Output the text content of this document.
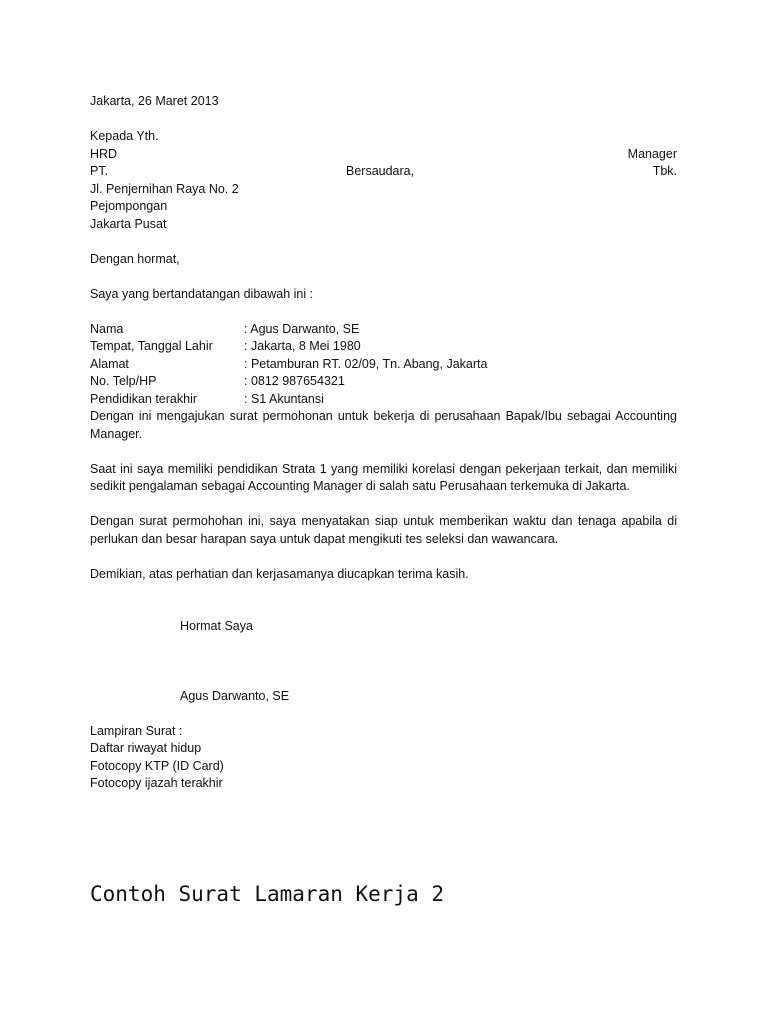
Jakarta, 26 Maret 2013
Kepada Yth.
HRD	Manager
PT.	Bersaudara,	Tbk.
Jl. Penjernihan Raya No. 2
Pejompongan
Jakarta Pusat
Dengan hormat,
Saya yang bertandatangan dibawah ini :
Nama	: Agus Darwanto, SE
Tempat, Tanggal Lahir	: Jakarta, 8 Mei 1980
Alamat	: Petamburan RT. 02/09, Tn. Abang, Jakarta
No. Telp/HP	: 0812 987654321
Pendidikan terakhir	: S1 Akuntansi
Dengan ini mengajukan surat permohonan untuk bekerja di perusahaan Bapak/Ibu sebagai Accounting Manager.
Saat ini saya memiliki pendidikan Strata 1 yang memiliki korelasi dengan pekerjaan terkait, dan memiliki sedikit pengalaman sebagai Accounting Manager di salah satu Perusahaan terkemuka di Jakarta.
Dengan surat permohohan ini, saya menyatakan siap untuk memberikan waktu dan tenaga apabila di perlukan dan besar harapan saya untuk dapat mengikuti tes seleksi dan wawancara.
Demikian, atas perhatian dan kerjasamanya diucapkan terima kasih.
Hormat Saya
Agus Darwanto, SE
Lampiran Surat :
Daftar riwayat hidup
Fotocopy KTP (ID Card)
Fotocopy ijazah terakhir
Contoh Surat Lamaran Kerja 2
